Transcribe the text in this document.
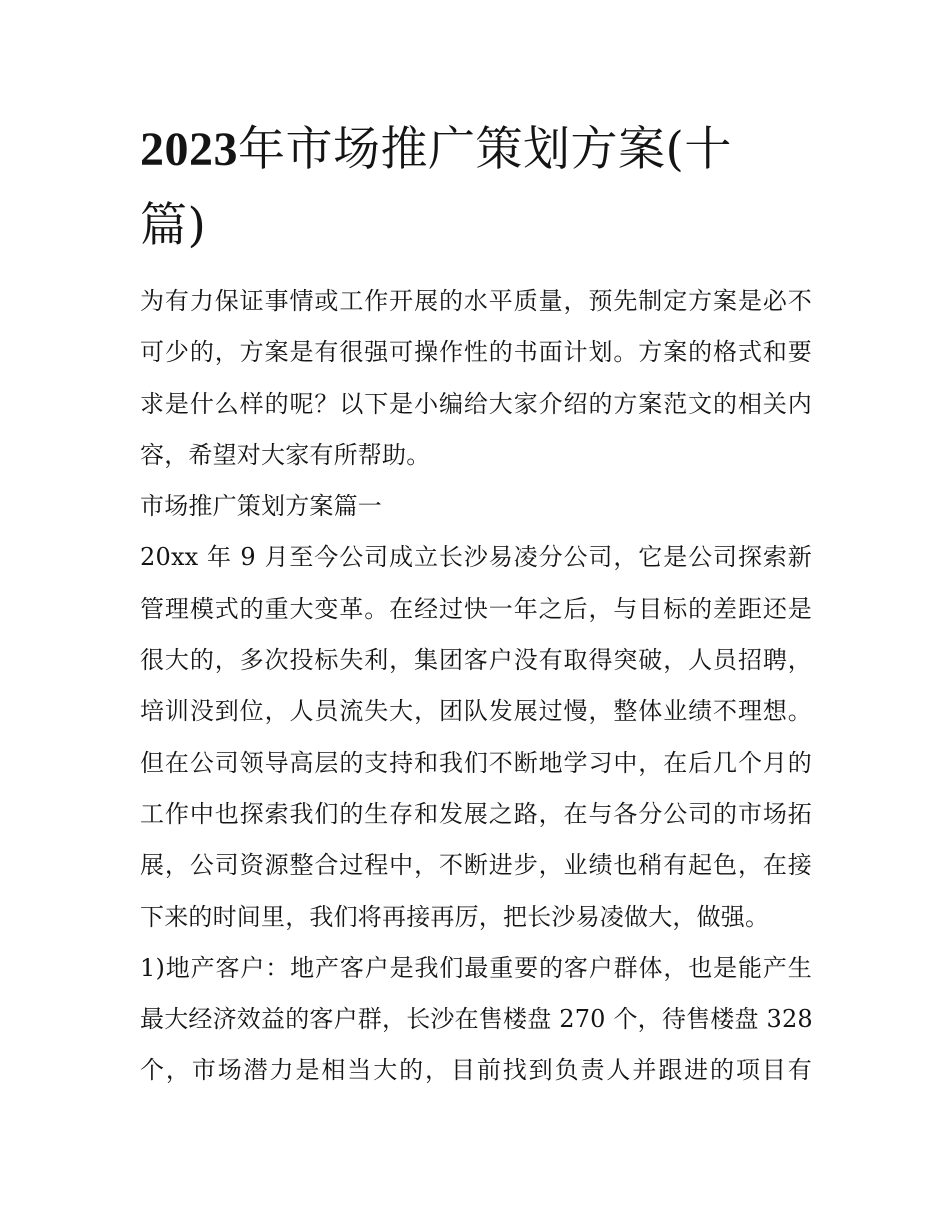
2023年市场推广策划方案(十
篇)
为有力保证事情或工作开展的水平质量，预先制定方案是必不
可少的，方案是有很强可操作性的书面计划。方案的格式和要
求是什么样的呢？以下是小编给大家介绍的方案范文的相关内
容，希望对大家有所帮助。
市场推广策划方案篇一
20xx 年 9 月至今公司成立长沙易凌分公司，它是公司探索新
管理模式的重大变革。在经过快一年之后，与目标的差距还是
很大的，多次投标失利，集团客户没有取得突破，人员招聘，
培训没到位，人员流失大，团队发展过慢，整体业绩不理想。
但在公司领导高层的支持和我们不断地学习中，在后几个月的
工作中也探索我们的生存和发展之路，在与各分公司的市场拓
展，公司资源整合过程中，不断进步，业绩也稍有起色，在接
下来的时间里，我们将再接再厉，把长沙易凌做大，做强。
1)地产客户：地产客户是我们最重要的客户群体，也是能产生
最大经济效益的客户群，长沙在售楼盘 270 个，待售楼盘 328
个，市场潜力是相当大的，目前找到负责人并跟进的项目有
